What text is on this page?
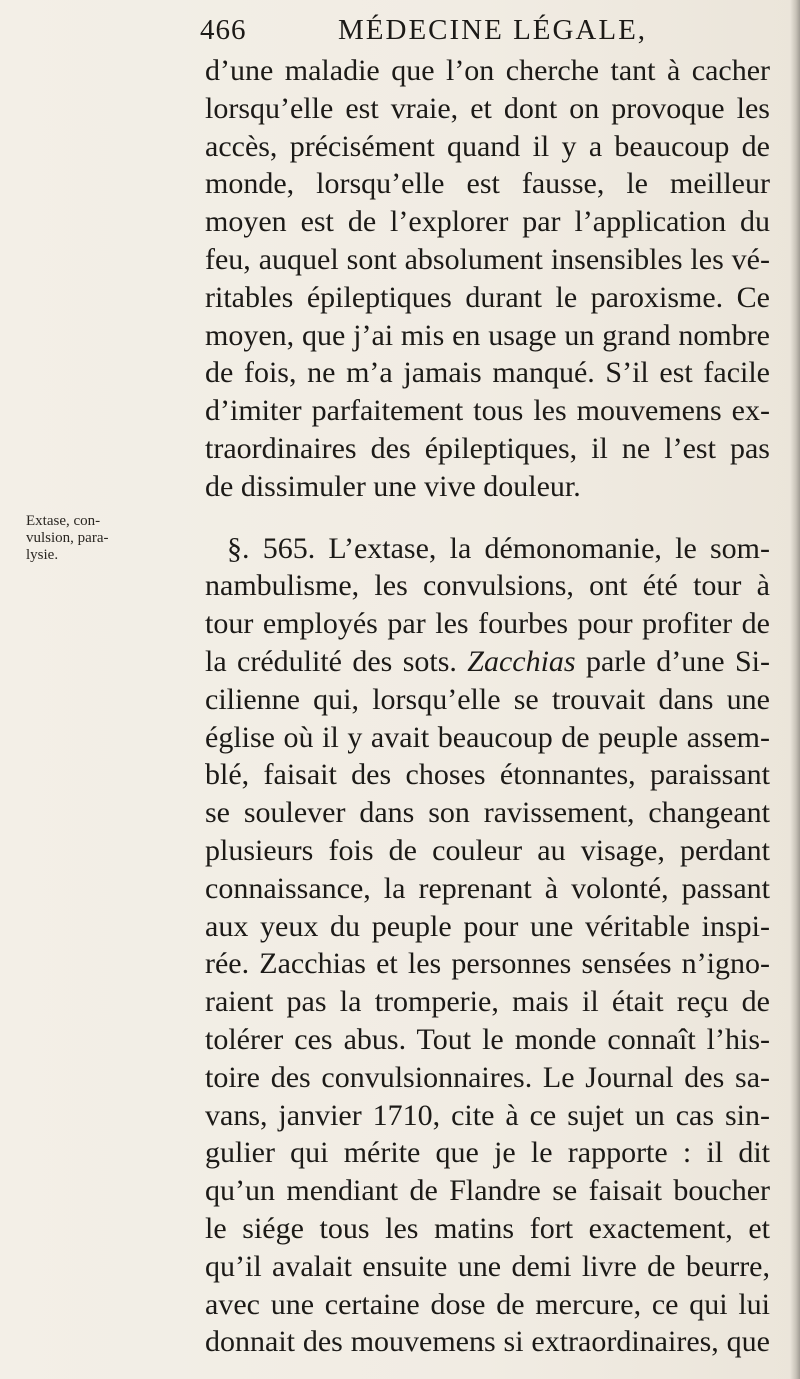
466	MÉDECINE LÉGALE,
Extase, con-
vulsion, para-
lysie.
d’une maladie que l’on cherche tant à cacher
lorsqu’elle est vraie, et dont on provoque les
accès, précisément quand il y a beaucoup de
monde, lorsqu’elle est fausse, le meilleur
moyen est de l’explorer par l’application du
feu, auquel sont absolument insensibles les vé-
ritables épileptiques durant le paroxisme. Ce
moyen, que j’ai mis en usage un grand nombre
de fois, ne m’a jamais manqué. S’il est facile
d’imiter parfaitement tous les mouvemens ex-
traordinaires des épileptiques, il ne l’est pas
de dissimuler une vive douleur.
§. 565. L’extase, la démonomanie, le som-
nambulisme, les convulsions, ont été tour à
tour employés par les fourbes pour profiter de
la crédulité des sots. Zacchias parle d’une Si-
cilienne qui, lorsqu’elle se trouvait dans une
église où il y avait beaucoup de peuple assem-
blé, faisait des choses étonnantes, paraissant
se soulever dans son ravissement, changeant
plusieurs fois de couleur au visage, perdant
connaissance, la reprenant à volonté, passant
aux yeux du peuple pour une véritable inspi-
rée. Zacchias et les personnes sensées n’igno-
raient pas la tromperie, mais il était reçu de
tolérer ces abus. Tout le monde connaît l’his-
toire des convulsionnaires. Le Journal des sa-
vans, janvier 1710, cite à ce sujet un cas sin-
gulier qui mérite que je le rapporte : il dit
qu’un mendiant de Flandre se faisait boucher
le siége tous les matins fort exactement, et
qu’il avalait ensuite une demi livre de beurre,
avec une certaine dose de mercure, ce qui lui
donnait des mouvemens si extraordinaires, que
